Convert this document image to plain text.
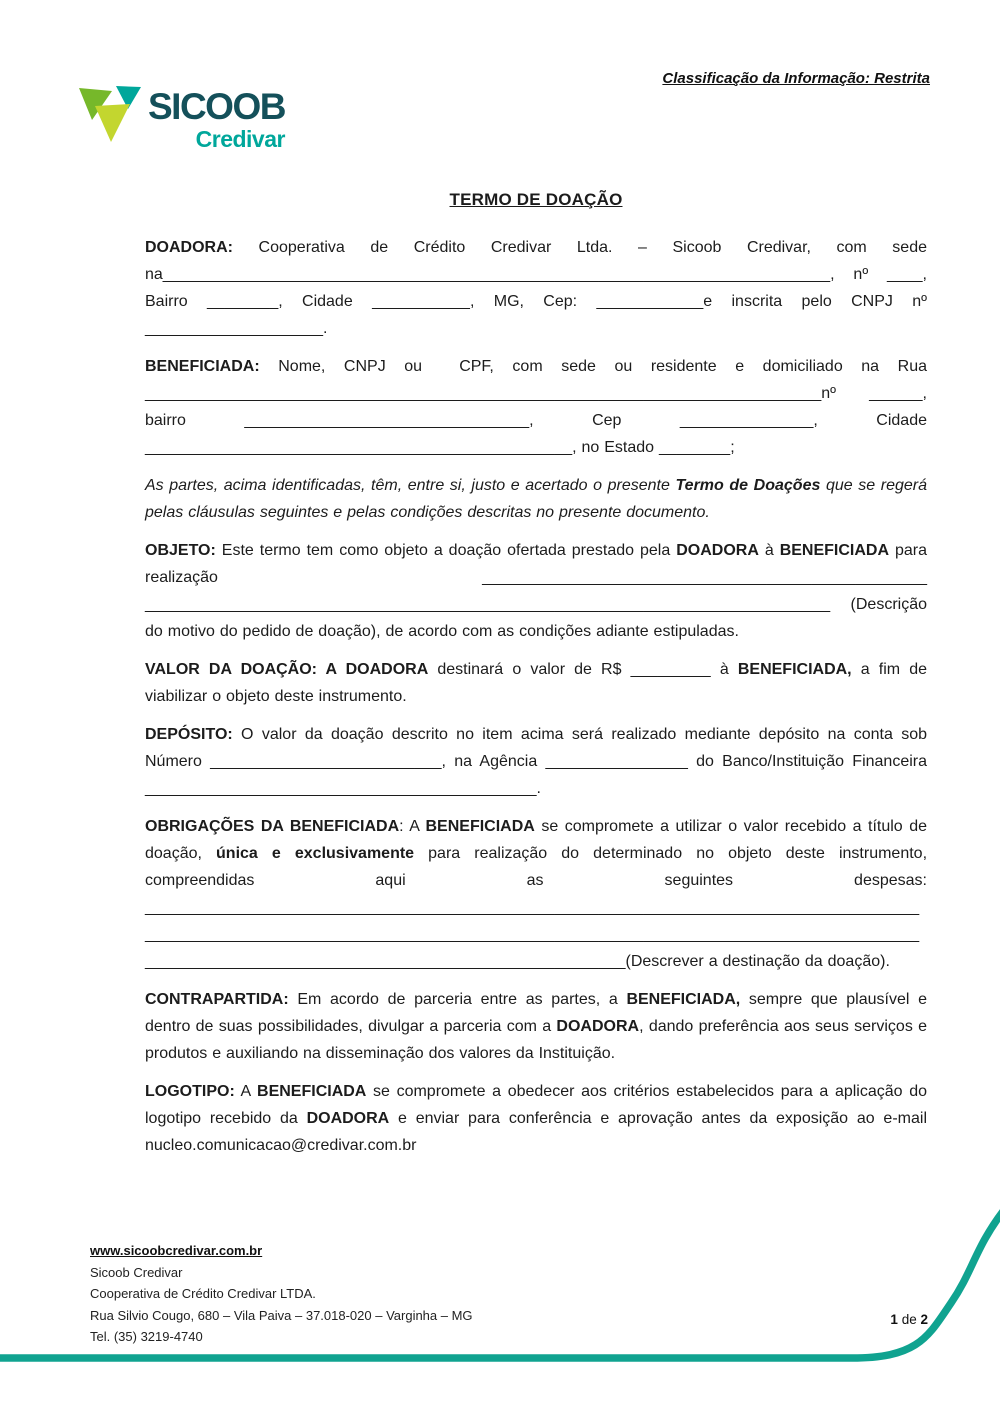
Classificação da Informação: Restrita
SICOOB
Credivar
TERMO DE DOAÇÃO

DOADORA: Cooperativa de Crédito Credivar Ltda. – Sicoob Credivar, com sede na___________________________________________________________________________, nº ____, Bairro ________, Cidade ___________, MG, Cep: ____________e inscrita pelo CNPJ nº ____________________.

BENEFICIADA: Nome, CNPJ ou  CPF, com sede ou residente e domiciliado na Rua ____________________________________________________________________________nº ______, bairro ________________________________, Cep _______________, Cidade ________________________________________________, no Estado ________;

As partes, acima identificadas, têm, entre si, justo e acertado o presente Termo de Doações que se regerá pelas cláusulas seguintes e pelas condições descritas no presente documento.

OBJETO: Este termo tem como objeto a doação ofertada prestado pela DOADORA à BENEFICIADA para realização __________________________________________________ _____________________________________________________________________________ (Descrição do motivo do pedido de doação), de acordo com as condições adiante estipuladas.

VALOR DA DOAÇÃO: A DOADORA destinará o valor de R$ _________ à BENEFICIADA, a fim de viabilizar o objeto deste instrumento.

DEPÓSITO: O valor da doação descrito no item acima será realizado mediante depósito na conta sob Número __________________________, na Agência ________________ do Banco/Instituição Financeira ____________________________________________.

OBRIGAÇÕES DA BENEFICIADA: A BENEFICIADA se compromete a utilizar o valor recebido a título de doação, única e exclusivamente para realização do determinado no objeto deste instrumento, compreendidas aqui as seguintes despesas: _______________________________________________________________________________________ _______________________________________________________________________________________ ______________________________________________________(Descrever a destinação da doação).

CONTRAPARTIDA: Em acordo de parceria entre as partes, a BENEFICIADA, sempre que plausível e dentro de suas possibilidades, divulgar a parceria com a DOADORA, dando preferência aos seus serviços e produtos e auxiliando na disseminação dos valores da Instituição.

LOGOTIPO: A BENEFICIADA se compromete a obedecer aos critérios estabelecidos para a aplicação do logotipo recebido da DOADORA e enviar para conferência e aprovação antes da exposição ao e-mail nucleo.comunicacao@credivar.com.br

www.sicoobcredivar.com.br
Sicoob Credivar
Cooperativa de Crédito Credivar LTDA.
Rua Silvio Cougo, 680 – Vila Paiva – 37.018-020 – Varginha – MG
Tel. (35) 3219-4740
1 de 2
